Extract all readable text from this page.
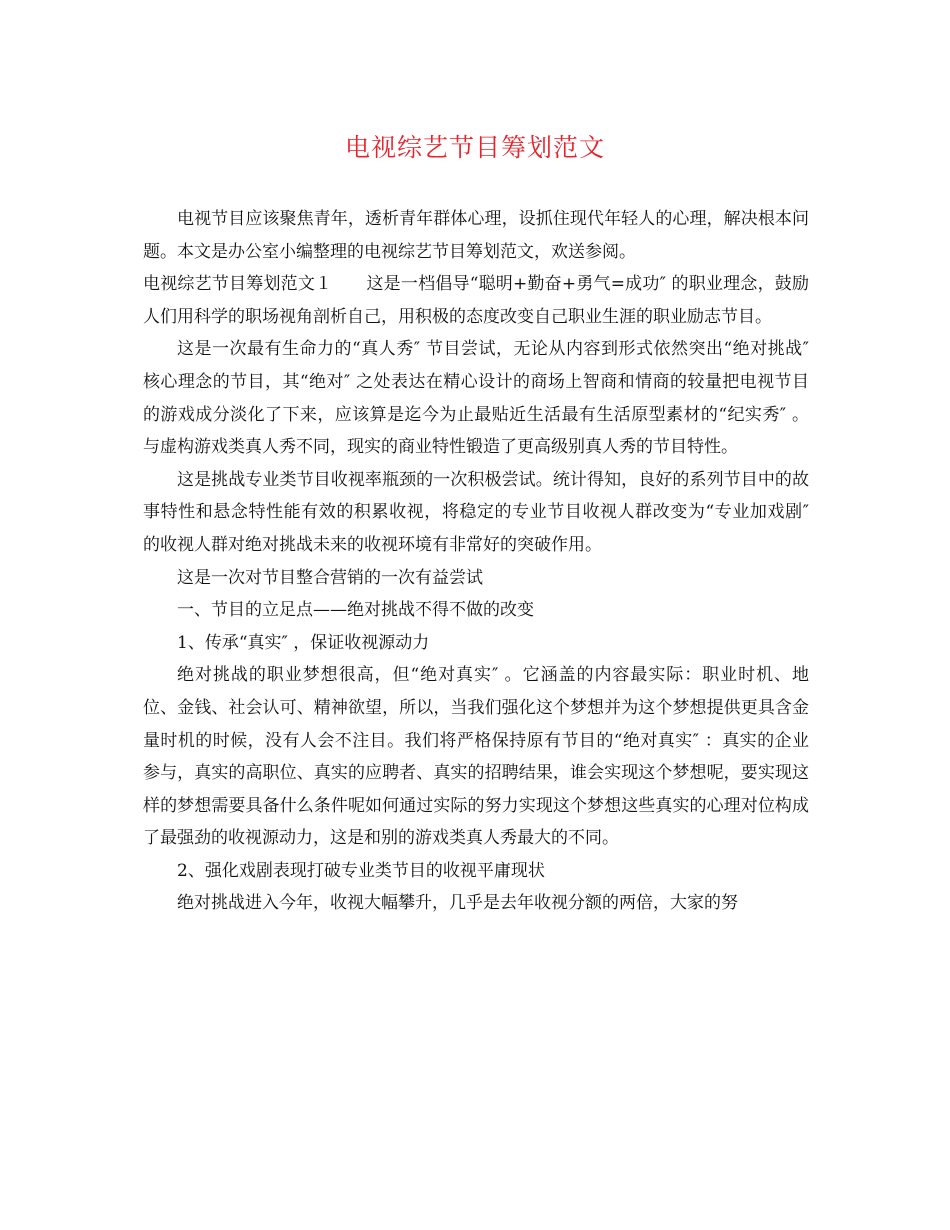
电视综艺节目筹划范文

电视节目应该聚焦青年，透析青年群体心理，设抓住现代年轻人的心理，解决根本问题。本文是办公室小编整理的电视综艺节目筹划范文，欢送参阅。

电视综艺节目筹划范文１ 这是一档倡导“聪明+勤奋+勇气=成功″ 的职业理念，鼓励人们用科学的职场视角剖析自己，用积极的态度改变自己职业生涯的职业励志节目。

这是一次最有生命力的“真人秀″ 节目尝试，无论从内容到形式依然突出“绝对挑战″ 核心理念的节目，其“绝对″ 之处表达在精心设计的商场上智商和情商的较量把电视节目的游戏成分淡化了下来，应该算是迄今为止最贴近生活最有生活原型素材的“纪实秀″ 。 与虚构游戏类真人秀不同，现实的商业特性锻造了更高级别真人秀的节目特性。

这是挑战专业类节目收视率瓶颈的一次积极尝试。统计得知，良好的系列节目中的故事特性和悬念特性能有效的积累收视，将稳定的专业节目收视人群改变为“专业加戏剧″ 的收视人群对绝对挑战未来的收视环境有非常好的突破作用。

这是一次对节目整合营销的一次有益尝试

一、节目的立足点——绝对挑战不得不做的改变

1、传承“真实″ ，保证收视源动力

绝对挑战的职业梦想很高，但“绝对真实″ 。它涵盖的内容最实际：职业时机、地位、金钱、社会认可、精神欲望，所以，当我们强化这个梦想并为这个梦想提供更具含金量时机的时候，没有人会不注目。我们将严格保持原有节目的“绝对真实″ ：真实的企业参与，真实的高职位、真实的应聘者、真实的招聘结果，谁会实现这个梦想呢，要实现这样的梦想需要具备什么条件呢如何通过实际的努力实现这个梦想这些真实的心理对位构成了最强劲的收视源动力，这是和别的游戏类真人秀最大的不同。

2、强化戏剧表现打破专业类节目的收视平庸现状

绝对挑战进入今年，收视大幅攀升，几乎是去年收视分额的两倍，大家的努
